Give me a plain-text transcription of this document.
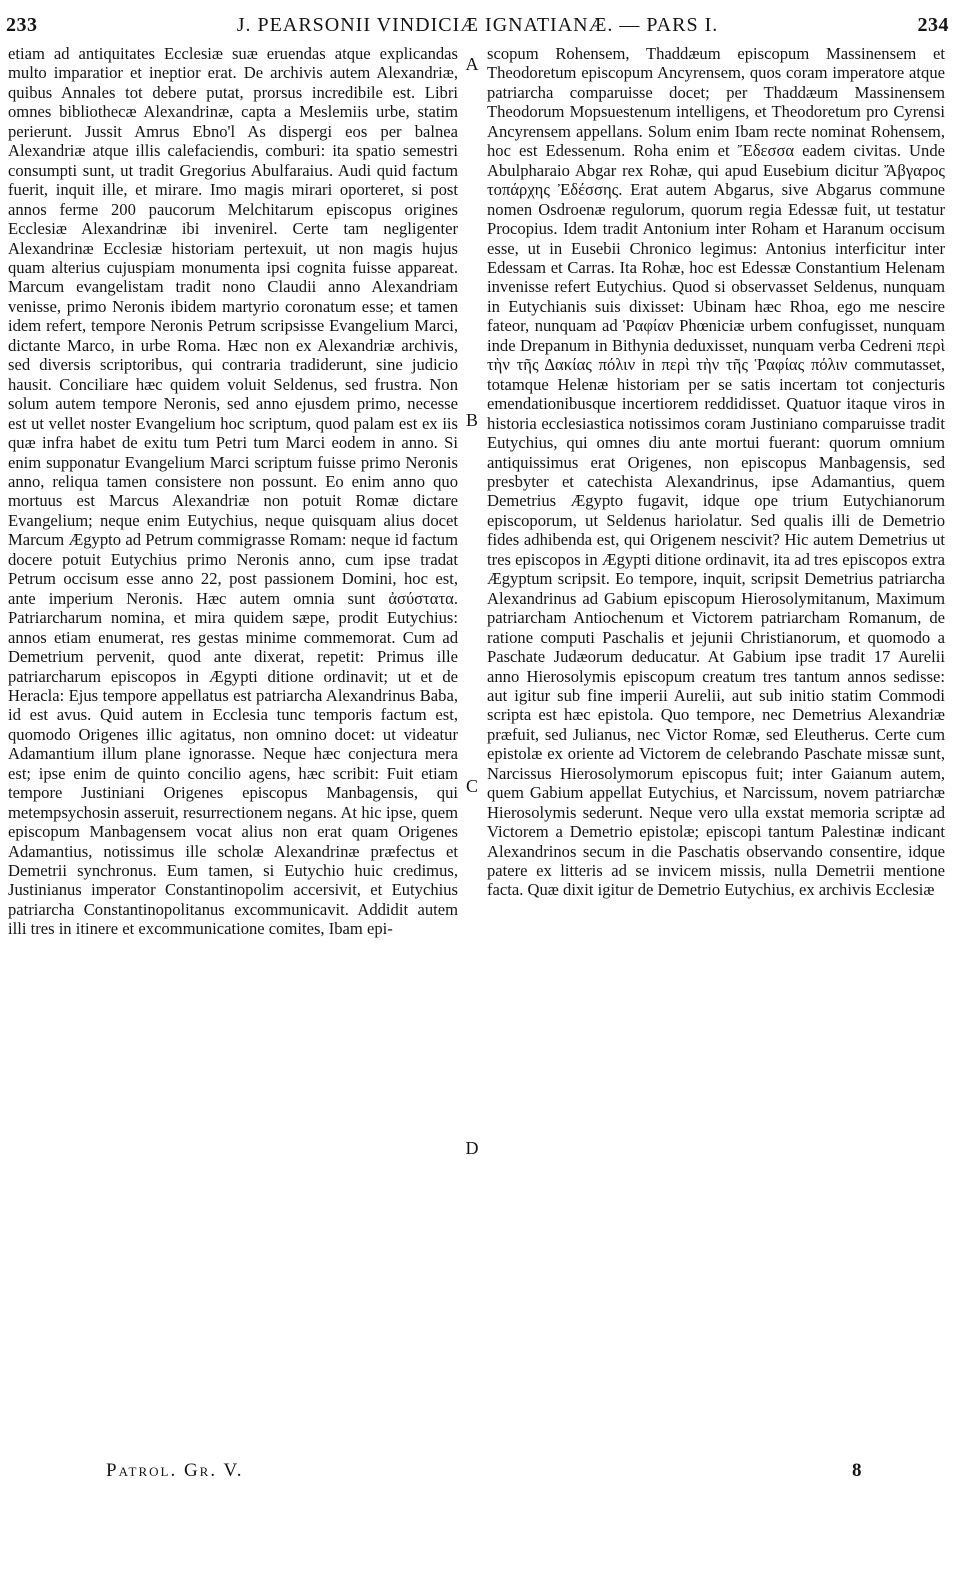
233	J. PEARSONII VINDICIÆ IGNATIANÆ. — PARS I.	234
etiam ad antiquitates Ecclesiæ suæ eruendas atque explicandas multo imparatior et ineptior erat. De archivis autem Alexandriæ, quibus Annales tot debere putat, prorsus incredibile est. Libri omnes bibliothecæ Alexandrinæ, capta a Meslemiis urbe, statim perierunt. Jussit Amrus Ebno'l As dispergi eos per balnea Alexandriæ atque illis calefaciendis, comburi: ita spatio semestri consumpti sunt, ut tradit Gregorius Abulfaraius. Audi quid factum fuerit, inquit ille, et mirare. Imo magis mirari oporteret, si post annos ferme 200 paucorum Melchitarum episcopus origines Ecclesiæ Alexandrinæ ibi invenirel. Certe tam negligenter Alexandrinæ Ecclesiæ historiam pertexuit, ut non magis hujus quam alterius cujuspiam monumenta ipsi cognita fuisse appareat. Marcum evangelistam tradit nono Claudii anno Alexandriam venisse, primo Neronis ibidem martyrio coronatum esse; et tamen idem refert, tempore Neronis Petrum scripsisse Evangelium Marci, dictante Marco, in urbe Roma. Hæc non ex Alexandriæ archivis, sed diversis scriptoribus, qui contraria tradiderunt, sine judicio hausit. Conciliare hæc quidem voluit Seldenus, sed frustra. Non solum autem tempore Neronis, sed anno ejusdem primo, necesse est ut vellet noster Evangelium hoc scriptum, quod palam est ex iis quæ infra habet de exitu tum Petri tum Marci eodem in anno. Si enim supponatur Evangelium Marci scriptum fuisse primo Neronis anno, reliqua tamen consistere non possunt. Eo enim anno quo mortuus est Marcus Alexandriæ non potuit Romæ dictare Evangelium; neque enim Eutychius, neque quisquam alius docet Marcum Ægypto ad Petrum commigrasse Romam: neque id factum docere potuit Eutychius primo Neronis anno, cum ipse tradat Petrum occisum esse anno 22, post passionem Domini, hoc est, ante imperium Neronis. Hæc autem omnia sunt ἀσύστατα. Patriarcharum nomina, et mira quidem sæpe, prodit Eutychius: annos etiam enumerat, res gestas minime commemorat. Cum ad Demetrium pervenit, quod ante dixerat, repetit: Primus ille patriarcharum episcopos in Ægypti ditione ordinavit; ut et de Heracla: Ejus tempore appellatus est patriarcha Alexandrinus Baba, id est avus. Quid autem in Ecclesia tunc temporis factum est, quomodo Origenes illic agitatus, non omnino docet: ut videatur Adamantium illum plane ignorasse. Neque hæc conjectura mera est; ipse enim de quinto concilio agens, hæc scribit: Fuit etiam tempore Justiniani Origenes episcopus Manbagensis, qui metempsychosin asseruit, resurrectionem negans. At hic ipse, quem episcopum Manbagensem vocat alius non erat quam Origenes Adamantius, notissimus ille scholæ Alexandrinæ præfectus et Demetrii synchronus. Eum tamen, si Eutychio huic credimus, Justinianus imperator Constantinopolim accersivit, et Eutychius patriarcha Constantinopolitanus excommunicavit. Addidit autem illi tres in itinere et excommunicatione comites, Ibam epi-
A
B
C
D
scopum Rohensem, Thaddæum episcopum Massinensem et Theodoretum episcopum Ancyrensem, quos coram imperatore atque patriarcha comparuisse docet; per Thaddæum Massinensem Theodorum Mopsuestenum intelligens, et Theodoretum pro Cyrensi Ancyrensem appellans. Solum enim Ibam recte nominat Rohensem, hoc est Edessenum. Roha enim et Ἔδεσσα eadem civitas. Unde Abulpharaio Abgar rex Rohæ, qui apud Eusebium dicitur Ἄβγαρος τοπάρχης Ἐδέσσης. Erat autem Abgarus, sive Abgarus commune nomen Osdroenæ regulorum, quorum regia Edessæ fuit, ut testatur Procopius. Idem tradit Antonium inter Roham et Haranum occisum esse, ut in Eusebii Chronico legimus: Antonius interficitur inter Edessam et Carras. Ita Rohæ, hoc est Edessæ Constantium Helenam invenisse refert Eutychius. Quod si observasset Seldenus, nunquam in Eutychianis suis dixisset: Ubinam hæc Rhoa, ego me nescire fateor, nunquam ad Ῥαφίαν Phœniciæ urbem confugisset, nunquam inde Drepanum in Bithynia deduxisset, nunquam verba Cedreni περὶ τὴν τῆς Δακίας πόλιν in περὶ τὴν τῆς Ῥαφίας πόλιν commutasset, totamque Helenæ historiam per se satis incertam tot conjecturis emendationibusque incertiorem reddidisset. Quatuor itaque viros in historia ecclesiastica notissimos coram Justiniano comparuisse tradit Eutychius, qui omnes diu ante mortui fuerant: quorum omnium antiquissimus erat Origenes, non episcopus Manbagensis, sed presbyter et catechista Alexandrinus, ipse Adamantius, quem Demetrius Ægypto fugavit, idque ope trium Eutychianorum episcoporum, ut Seldenus hariolatur. Sed qualis illi de Demetrio fides adhibenda est, qui Origenem nescivit? Hic autem Demetrius ut tres episcopos in Ægypti ditione ordinavit, ita ad tres episcopos extra Ægyptum scripsit. Eo tempore, inquit, scripsit Demetrius patriarcha Alexandrinus ad Gabium episcopum Hierosolymitanum, Maximum patriarcham Antiochenum et Victorem patriarcham Romanum, de ratione computi Paschalis et jejunii Christianorum, et quomodo a Paschate Judæorum deducatur. At Gabium ipse tradit 17 Aurelii anno Hierosolymis episcopum creatum tres tantum annos sedisse: aut igitur sub fine imperii Aurelii, aut sub initio statim Commodi scripta est hæc epistola. Quo tempore, nec Demetrius Alexandriæ præfuit, sed Julianus, nec Victor Romæ, sed Eleutherus. Certe cum epistolæ ex oriente ad Victorem de celebrando Paschate missæ sunt, Narcissus Hierosolymorum episcopus fuit; inter Gaianum autem, quem Gabium appellat Eutychius, et Narcissum, novem patriarchæ Hierosolymis sederunt. Neque vero ulla exstat memoria scriptæ ad Victorem a Demetrio epistolæ; episcopi tantum Palestinæ indicant Alexandrinos secum in die Paschatis observando consentire, idque patere ex litteris ad se invicem missis, nulla Demetrii mentione facta. Quæ dixit igitur de Demetrio Eutychius, ex archivis Ecclesiæ
Patrol. Gr. V.	8
